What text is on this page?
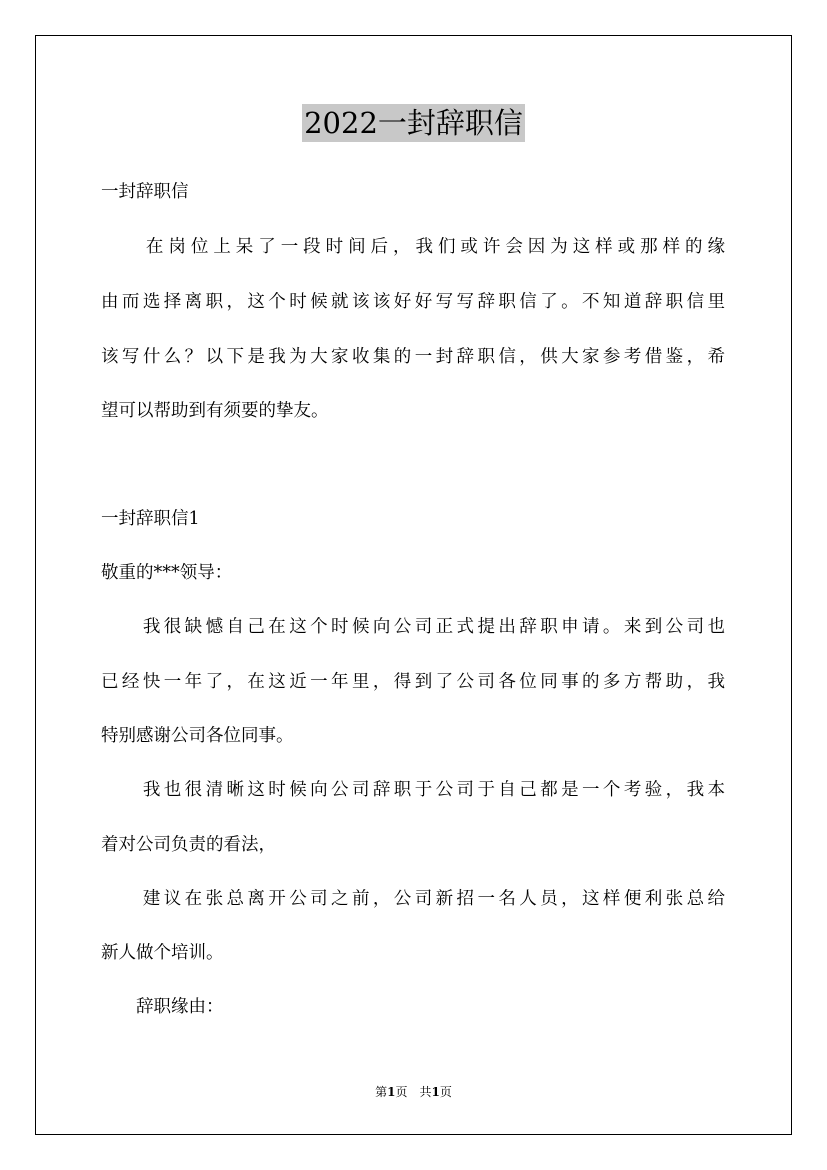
2022一封辞职信
一封辞职信
　　在岗位上呆了一段时间后，我们或许会因为这样或那样的缘
由而选择离职，这个时候就该该好好写写辞职信了。不知道辞职信里
该写什么？以下是我为大家收集的一封辞职信，供大家参考借鉴，希
望可以帮助到有须要的挚友。
一封辞职信1
敬重的***领导：
　　我很缺憾自己在这个时候向公司正式提出辞职申请。来到公司也
已经快一年了，在这近一年里，得到了公司各位同事的多方帮助，我
特别感谢公司各位同事。
　　我也很清晰这时候向公司辞职于公司于自己都是一个考验，我本
着对公司负责的看法，
　　建议在张总离开公司之前，公司新招一名人员，这样便利张总给
新人做个培训。
　　辞职缘由：
第1页　共1页
